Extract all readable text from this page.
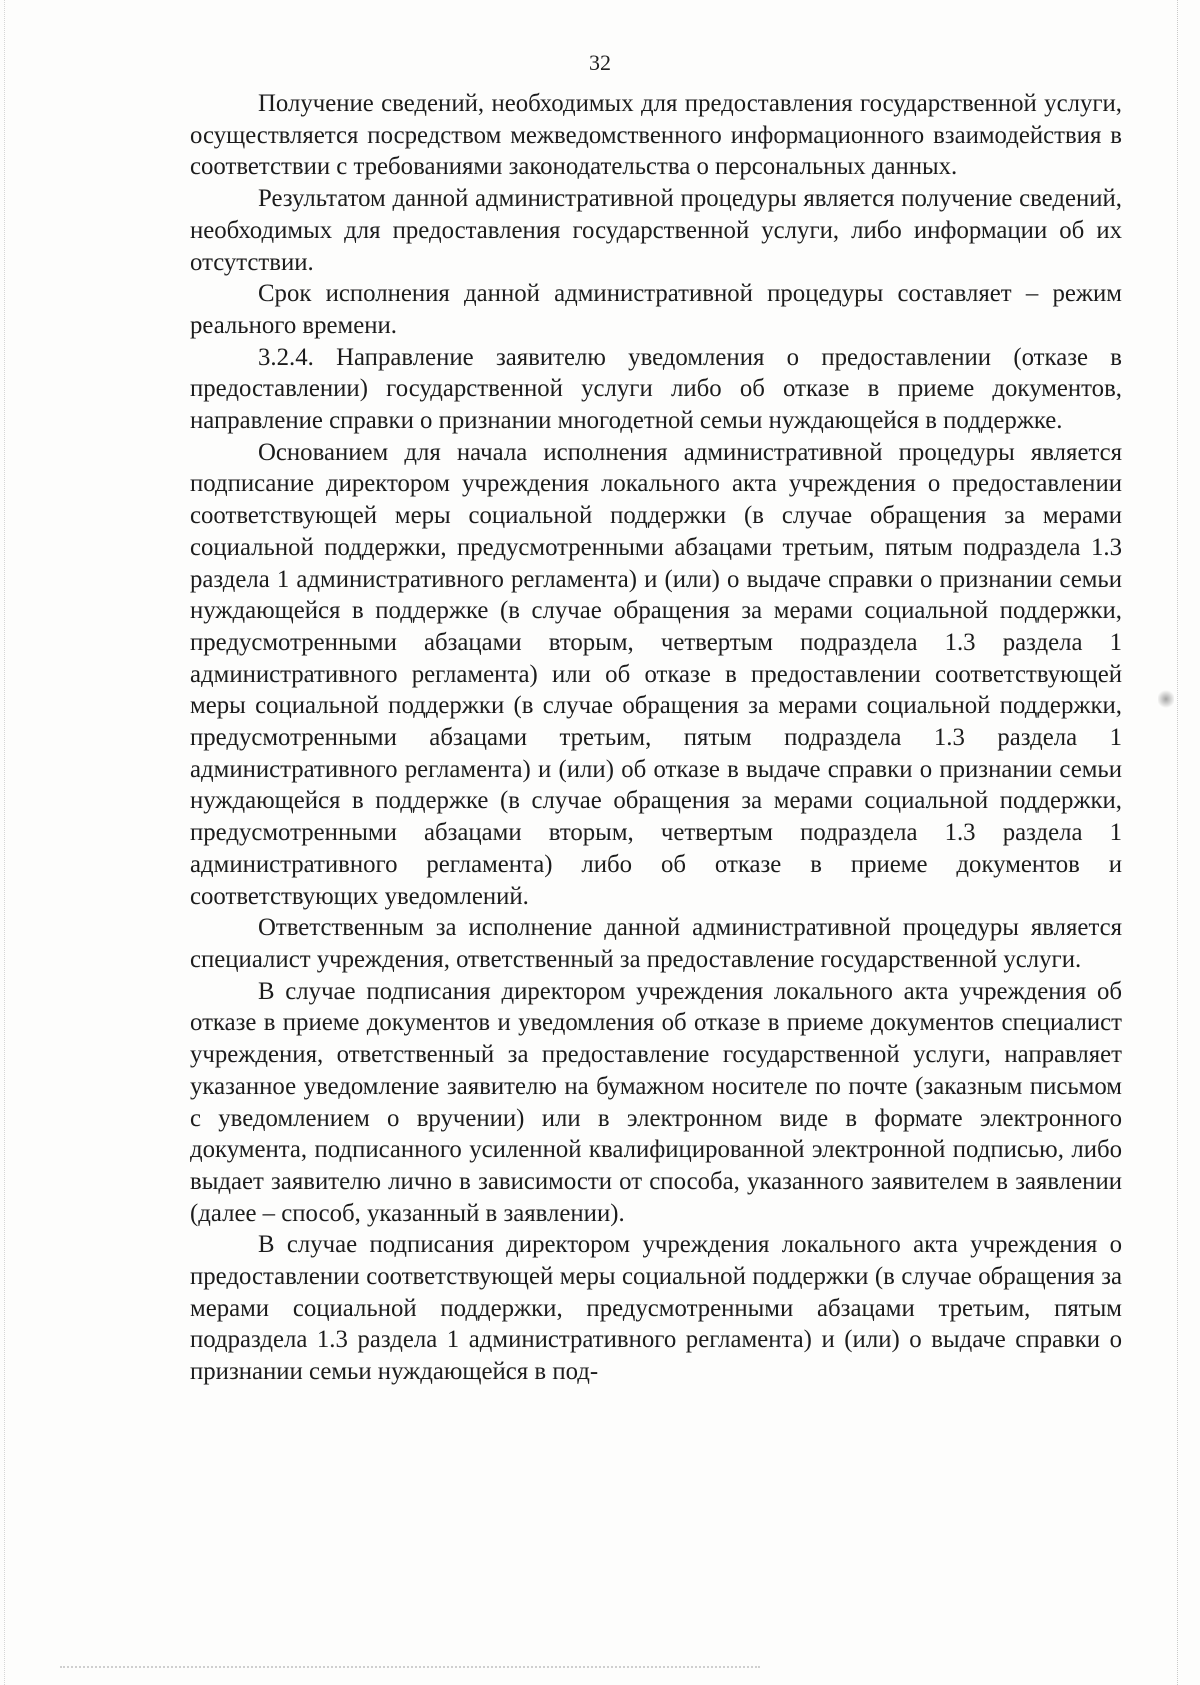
32

Получение сведений, необходимых для предоставления государственной услуги, осуществляется посредством межведомственного информационного взаимодействия в соответствии с требованиями законодательства о персональных данных.

Результатом данной административной процедуры является получение сведений, необходимых для предоставления государственной услуги, либо информации об их отсутствии.

Срок исполнения данной административной процедуры составляет – режим реального времени.

3.2.4. Направление заявителю уведомления о предоставлении (отказе в предоставлении) государственной услуги либо об отказе в приеме документов, направление справки о признании многодетной семьи нуждающейся в поддержке.

Основанием для начала исполнения административной процедуры является подписание директором учреждения локального акта учреждения о предоставлении соответствующей меры социальной поддержки (в случае обращения за мерами социальной поддержки, предусмотренными абзацами третьим, пятым подраздела 1.3 раздела 1 административного регламента) и (или) о выдаче справки о признании семьи нуждающейся в поддержке (в случае обращения за мерами социальной поддержки, предусмотренными абзацами вторым, четвертым подраздела 1.3 раздела 1 административного регламента) или об отказе в предоставлении соответствующей меры социальной поддержки (в случае обращения за мерами социальной поддержки, предусмотренными абзацами третьим, пятым подраздела 1.3 раздела 1 административного регламента) и (или) об отказе в выдаче справки о признании семьи нуждающейся в поддержке (в случае обращения за мерами социальной поддержки, предусмотренными абзацами вторым, четвертым подраздела 1.3 раздела 1 административного регламента) либо об отказе в приеме документов и соответствующих уведомлений.

Ответственным за исполнение данной административной процедуры является специалист учреждения, ответственный за предоставление государственной услуги.

В случае подписания директором учреждения локального акта учреждения об отказе в приеме документов и уведомления об отказе в приеме документов специалист учреждения, ответственный за предоставление государственной услуги, направляет указанное уведомление заявителю на бумажном носителе по почте (заказным письмом с уведомлением о вручении) или в электронном виде в формате электронного документа, подписанного усиленной квалифицированной электронной подписью, либо выдает заявителю лично в зависимости от способа, указанного заявителем в заявлении (далее – способ, указанный в заявлении).

В случае подписания директором учреждения локального акта учреждения о предоставлении соответствующей меры социальной поддержки (в случае обращения за мерами социальной поддержки, предусмотренными абзацами третьим, пятым подраздела 1.3 раздела 1 административного регламента) и (или) о выдаче справки о признании семьи нуждающейся в под-
